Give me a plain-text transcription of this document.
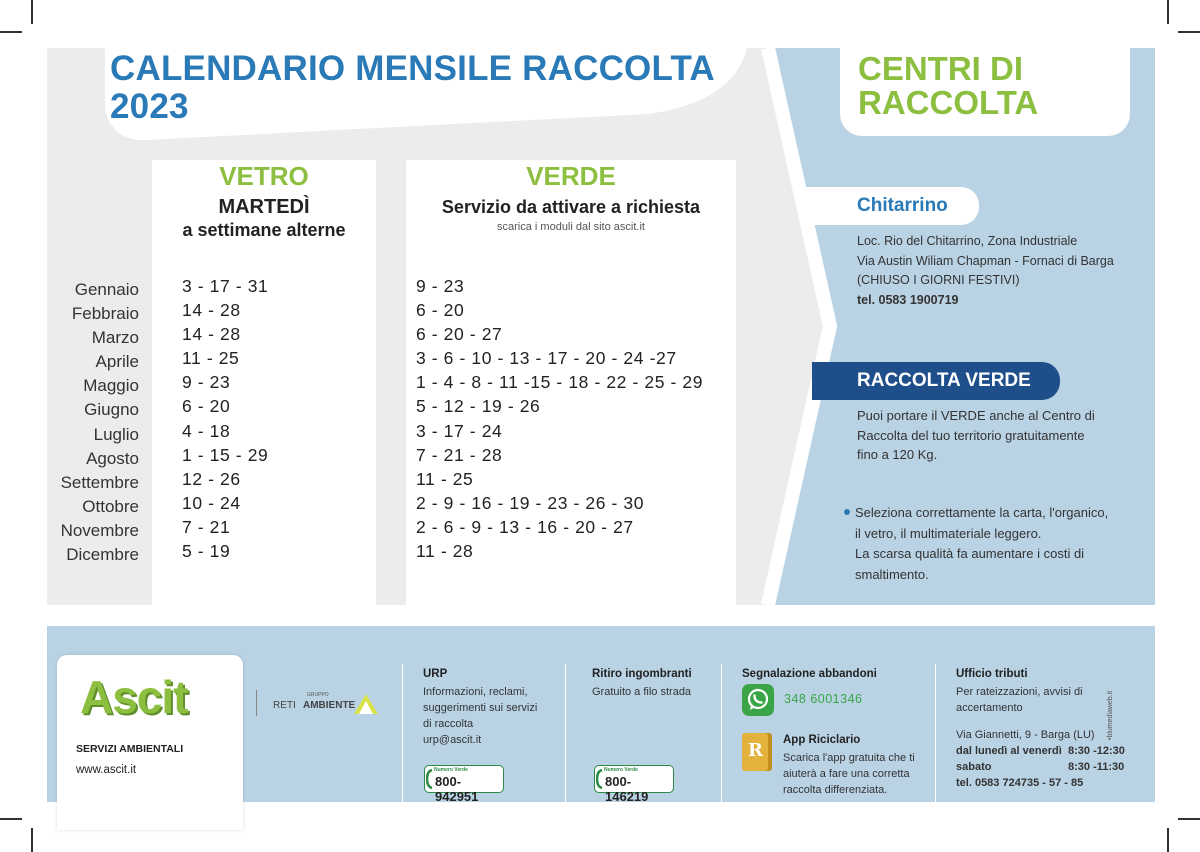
CALENDARIO MENSILE RACCOLTA
2023
VETRO
MARTEDÌ
a settimane alterne
VERDE
Servizio da attivare a richiesta
scarica i moduli dal sito ascit.it
Gennaio
Febbraio
Marzo
Aprile
Maggio
Giugno
Luglio
Agosto
Settembre
Ottobre
Novembre
Dicembre
3 - 17 - 31
14 - 28
14 - 28
11 - 25
9 - 23
6 - 20
4 - 18
1 - 15 - 29
12 - 26
10 - 24
7 - 21
5 - 19
9 - 23
6 - 20
6 - 20 - 27
3 - 6 - 10 - 13 - 17 - 20 - 24 -27
1 - 4 - 8 - 11 -15 - 18 - 22 - 25 - 29
5 - 12 - 19 - 26
3 - 17 - 24
7 - 21 - 28
11 - 25
2 - 9 - 16 - 19 - 23 - 26 - 30
2 - 6 - 9 - 13 - 16 - 20 - 27
11 - 28
CENTRI DI
RACCOLTA
Chitarrino
Loc. Rio del Chitarrino, Zona Industriale
Via Austin Wiliam Chapman - Fornaci di Barga
(CHIUSO I GIORNI FESTIVI)
tel. 0583 1900719
RACCOLTA VERDE
Puoi portare il VERDE anche al Centro di
Raccolta del tuo territorio gratuitamente
fino a 120 Kg.
Seleziona correttamente la carta, l'organico,
il vetro, il multimateriale leggero.
La scarsa qualità fa aumentare i costi di
smaltimento.
Ascit
SERVIZI AMBIENTALI
www.ascit.it
GRUPPO
RETI AMBIENTE
URP
Informazioni, reclami,
suggerimenti sui servizi
di raccolta
urp@ascit.it
Numero Verde
800-942951
Ritiro ingombranti
Gratuito a filo strada
Numero Verde
800-146219
Segnalazione abbandoni
348 6001346
R App Riciclario
Scarica l'app gratuita che ti
aiuterà a fare una corretta
raccolta differenziata.
Ufficio tributi
Per rateizzazioni, avvisi di
accertamento
Via Giannetti, 9 - Barga (LU)
dal lunedì al venerdì 8:30 -12:30
sabato	8:30 -11:30
tel. 0583 724735 - 57 - 85
•blumediaweb.it
